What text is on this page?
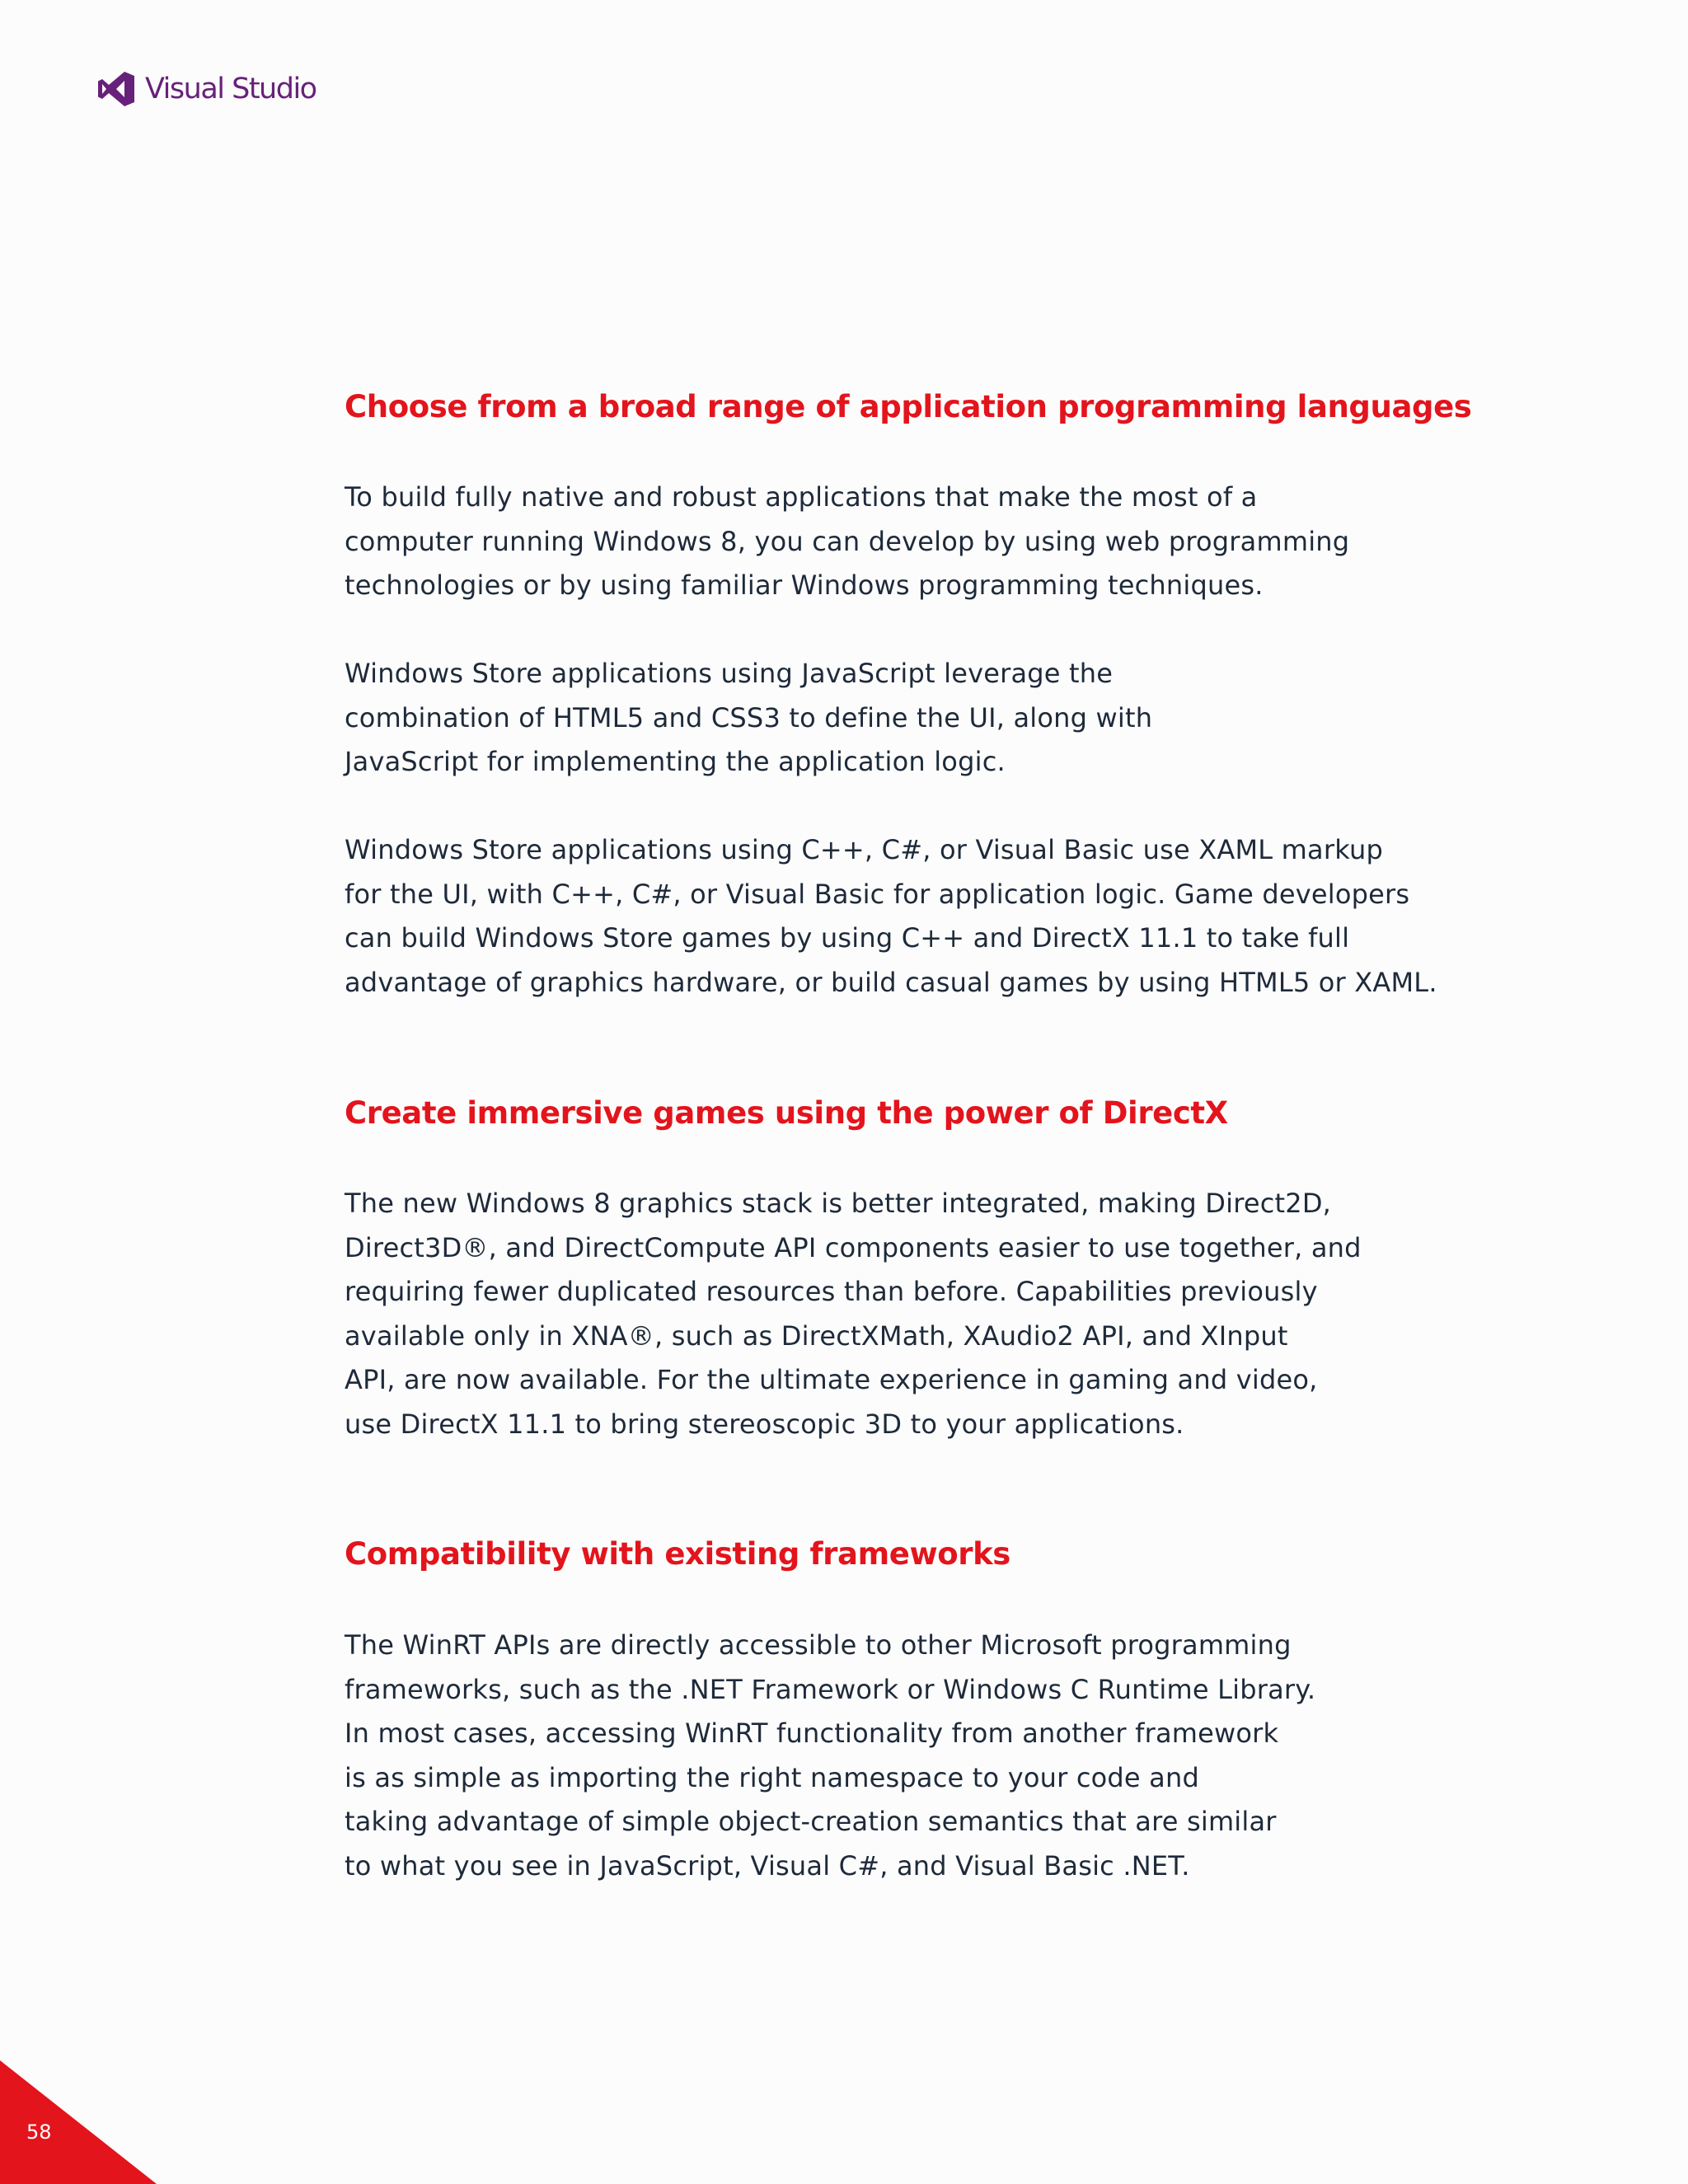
Visual Studio
Choose from a broad range of application programming languages

To build fully native and robust applications that make the most of a
computer running Windows 8, you can develop by using web programming
technologies or by using familiar Windows programming techniques.

Windows Store applications using JavaScript leverage the
combination of HTML5 and CSS3 to define the UI, along with
JavaScript for implementing the application logic.

Windows Store applications using C++, C#, or Visual Basic use XAML markup
for the UI, with C++, C#, or Visual Basic for application logic. Game developers
can build Windows Store games by using C++ and DirectX 11.1 to take full
advantage of graphics hardware, or build casual games by using HTML5 or XAML.

Create immersive games using the power of DirectX

The new Windows 8 graphics stack is better integrated, making Direct2D,
Direct3D®, and DirectCompute API components easier to use together, and
requiring fewer duplicated resources than before. Capabilities previously
available only in XNA®, such as DirectXMath, XAudio2 API, and XInput
API, are now available. For the ultimate experience in gaming and video,
use DirectX 11.1 to bring stereoscopic 3D to your applications.

Compatibility with existing frameworks

The WinRT APIs are directly accessible to other Microsoft programming
frameworks, such as the .NET Framework or Windows C Runtime Library.
In most cases, accessing WinRT functionality from another framework
is as simple as importing the right namespace to your code and
taking advantage of simple object-creation semantics that are similar
to what you see in JavaScript, Visual C#, and Visual Basic .NET.

58
